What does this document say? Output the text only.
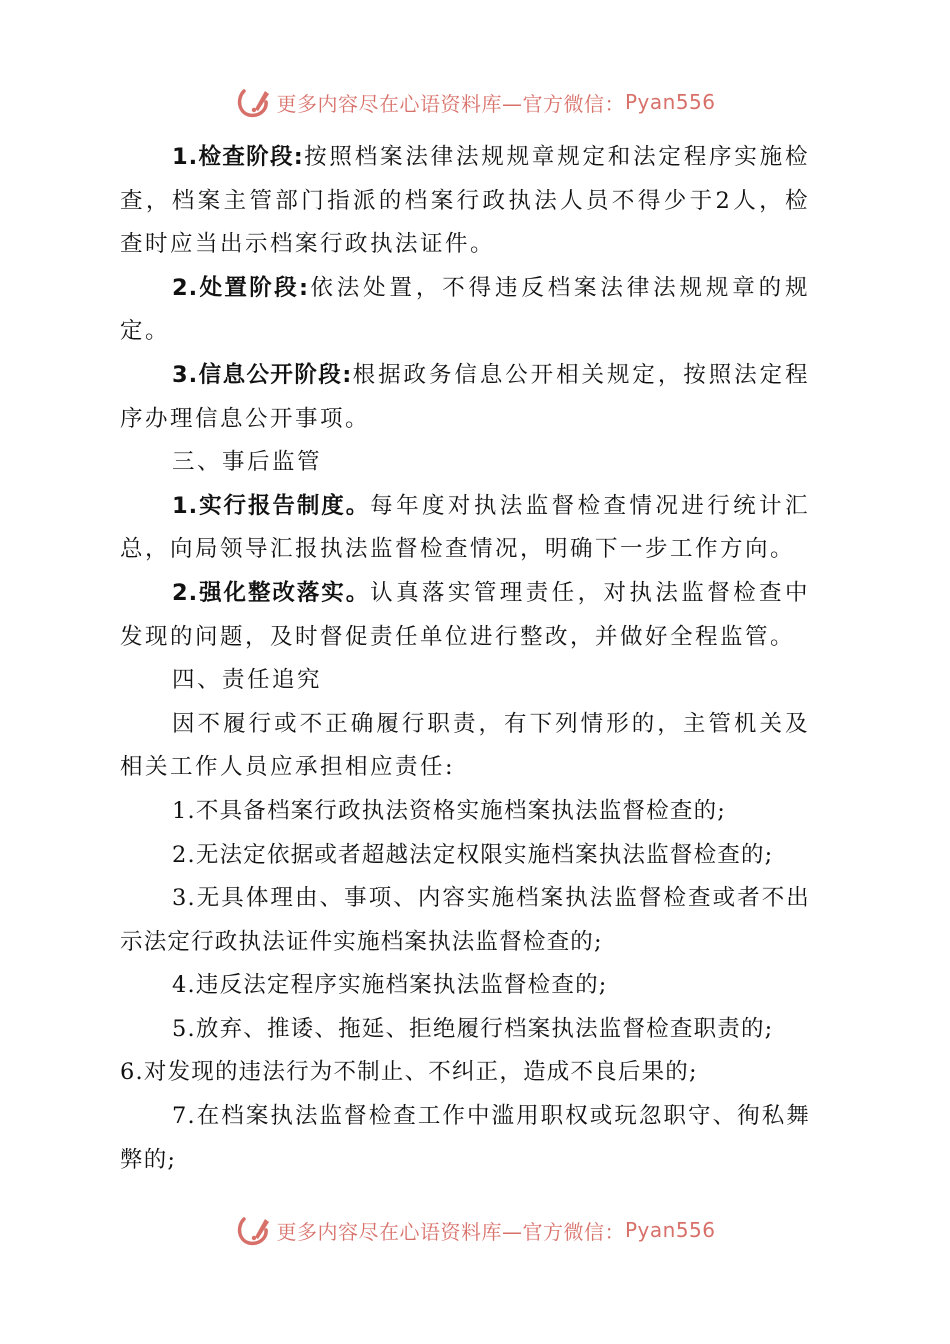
更多内容尽在心语资料库—官方微信： Pyan556

1.检查阶段:按照档案法律法规规章规定和法定程序实施检查，档案主管部门指派的档案行政执法人员不得少于2人，检查时应当出示档案行政执法证件。

2.处置阶段:依法处置，不得违反档案法律法规规章的规定。

3.信息公开阶段:根据政务信息公开相关规定，按照法定程序办理信息公开事项。

三、事后监管

1.实行报告制度。每年度对执法监督检查情况进行统计汇总，向局领导汇报执法监督检查情况，明确下一步工作方向。

2.强化整改落实。认真落实管理责任，对执法监督检查中发现的问题，及时督促责任单位进行整改，并做好全程监管。

四、责任追究

因不履行或不正确履行职责，有下列情形的，主管机关及相关工作人员应承担相应责任:

1.不具备档案行政执法资格实施档案执法监督检查的;

2.无法定依据或者超越法定权限实施档案执法监督检查的;

3.无具体理由、事项、内容实施档案执法监督检查或者不出示法定行政执法证件实施档案执法监督检查的;

4.违反法定程序实施档案执法监督检查的;

5.放弃、推诿、拖延、拒绝履行档案执法监督检查职责的;

6.对发现的违法行为不制止、不纠正，造成不良后果的;

7.在档案执法监督检查工作中滥用职权或玩忽职守、徇私舞弊的;

更多内容尽在心语资料库—官方微信： Pyan556
